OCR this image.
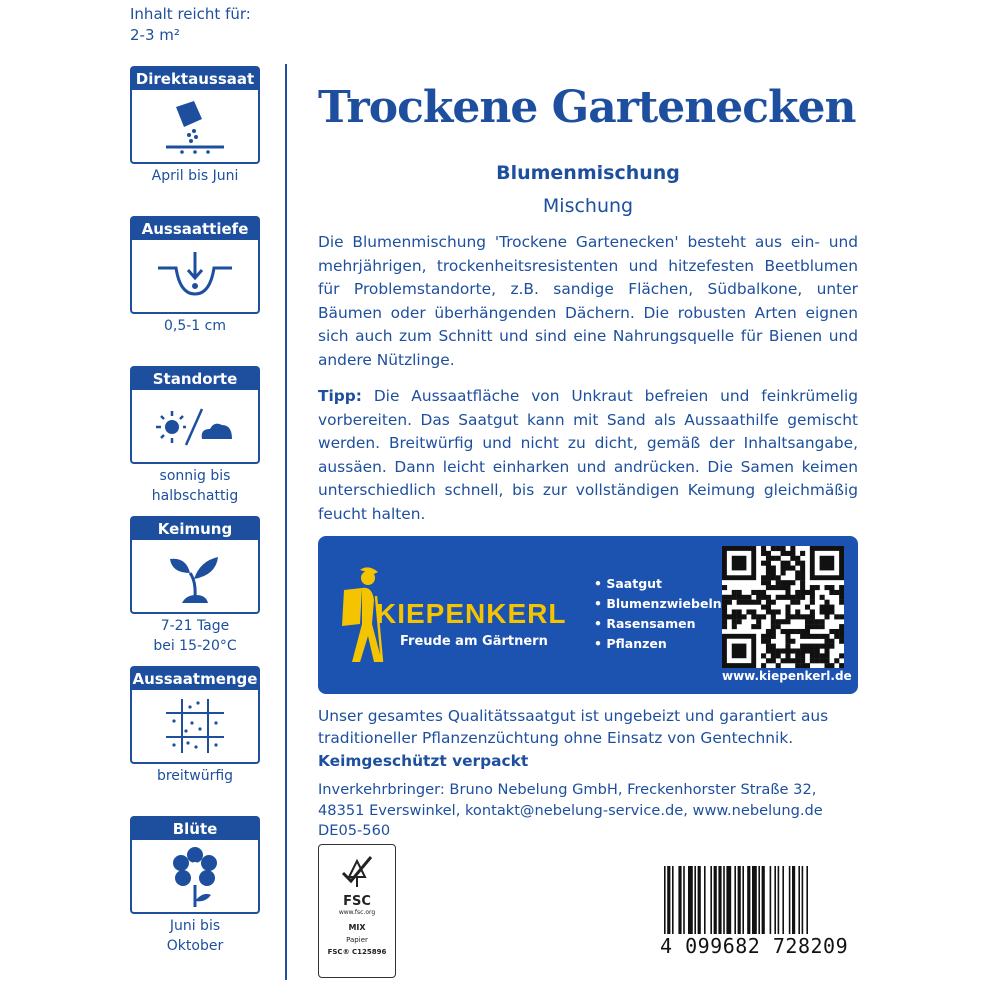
Inhalt reicht für:
2-3 m²
Direktaussaat
April bis Juni
Aussaattiefe
0,5-1 cm
Standorte
sonnig bis
halbschattig
Keimung
7-21 Tage
bei 15-20°C
Aussaatmenge
breitwürfig
Blüte
Juni bis
Oktober
Trockene Gartenecken
Blumenmischung
Mischung
Die Blumenmischung 'Trockene Gartenecken' besteht aus ein- und mehrjährigen, trockenheitsresistenten und hitzefesten Beetblumen für Problemstandorte, z.B. sandige Flächen, Südbalkone, unter Bäumen oder überhängenden Dächern. Die robusten Arten eignen sich auch zum Schnitt und sind eine Nahrungsquelle für Bienen und andere Nützlinge.
Tipp: Die Aussaatfläche von Unkraut befreien und feinkrümelig vorbereiten. Das Saatgut kann mit Sand als Aussaathilfe gemischt werden. Breitwürfig und nicht zu dicht, gemäß der Inhaltsangabe, aussäen. Dann leicht einharken und andrücken. Die Samen keimen unterschiedlich schnell, bis zur vollständigen Keimung gleichmäßig feucht halten.
KIEPENKERL
Freude am Gärtnern
• Saatgut
• Blumenzwiebeln
• Rasensamen
• Pflanzen
www.kiepenkerl.de
Unser gesamtes Qualitätssaatgut ist ungebeizt und garantiert aus traditioneller Pflanzenzüchtung ohne Einsatz von Gentechnik.
Keimgeschützt verpackt
Inverkehrbringer: Bruno Nebelung GmbH, Freckenhorster Straße 32,
48351 Everswinkel, kontakt@nebelung-service.de, www.nebelung.de
DE05-560
FSC
www.fsc.org
MIX
Papier
FSC® C125896	4 099682 728209
